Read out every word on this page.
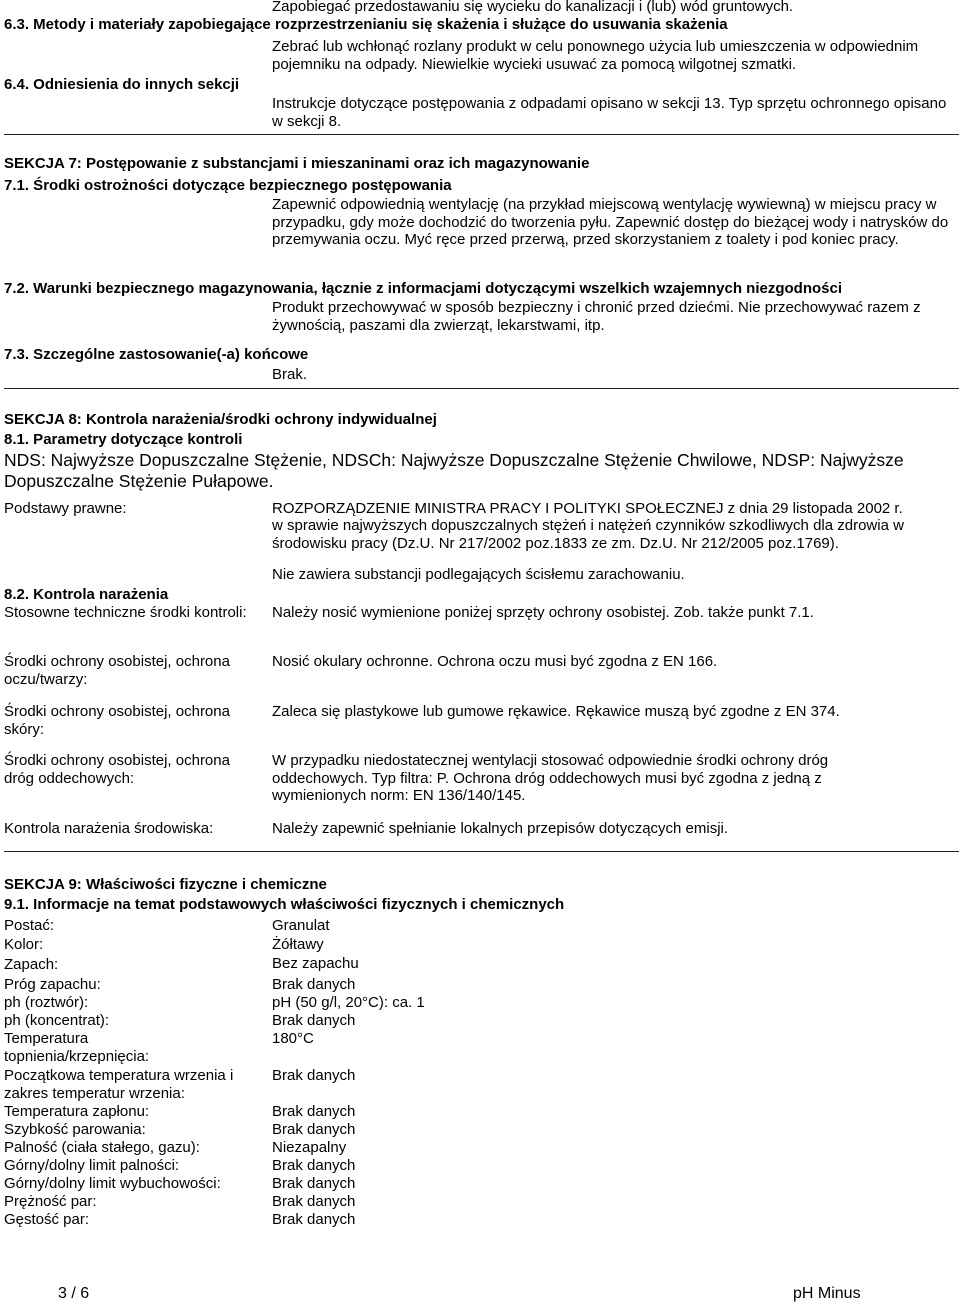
Zapobiegać przedostawaniu się wycieku do kanalizacji i (lub) wód gruntowych.
6.3. Metody i materiały zapobiegające rozprzestrzenianiu się skażenia i służące do usuwania skażenia
Zebrać lub wchłonąć rozlany produkt w celu ponownego użycia lub umieszczenia w odpowiednim pojemniku na odpady. Niewielkie wycieki usuwać za pomocą wilgotnej szmatki.
6.4. Odniesienia do innych sekcji
Instrukcje dotyczące postępowania z odpadami opisano w sekcji 13. Typ sprzętu ochronnego opisano w sekcji 8.
SEKCJA 7: Postępowanie z substancjami i mieszaninami oraz ich magazynowanie
7.1. Środki ostrożności dotyczące bezpiecznego postępowania
Zapewnić odpowiednią wentylację (na przykład miejscową wentylację wywiewną) w miejscu pracy w przypadku, gdy może dochodzić do tworzenia pyłu. Zapewnić dostęp do bieżącej wody i natrysków do przemywania oczu. Myć ręce przed przerwą, przed skorzystaniem z toalety i pod koniec pracy.
7.2. Warunki bezpiecznego magazynowania, łącznie z informacjami dotyczącymi wszelkich wzajemnych niezgodności
Produkt przechowywać w sposób bezpieczny i chronić przed dziećmi. Nie przechowywać razem z żywnością, paszami dla zwierząt, lekarstwami, itp.
7.3. Szczególne zastosowanie(-a) końcowe
Brak.
SEKCJA 8: Kontrola narażenia/środki ochrony indywidualnej
8.1. Parametry dotyczące kontroli
NDS: Najwyższe Dopuszczalne Stężenie, NDSCh: Najwyższe Dopuszczalne Stężenie Chwilowe, NDSP: Najwyższe Dopuszczalne Stężenie Pułapowe.
Podstawy prawne:	ROZPORZĄDZENIE MINISTRA PRACY I POLITYKI SPOŁECZNEJ z dnia 29 listopada 2002 r.
w sprawie najwyższych dopuszczalnych stężeń i natężeń czynników szkodliwych dla zdrowia w środowisku pracy (Dz.U. Nr 217/2002 poz.1833 ze zm. Dz.U. Nr 212/2005 poz.1769).
Nie zawiera substancji podlegających ścisłemu zarachowaniu.
8.2. Kontrola narażenia
Stosowne techniczne środki kontroli:	Należy nosić wymienione poniżej sprzęty ochrony osobistej. Zob. także punkt 7.1.
Środki ochrony osobistej, ochrona oczu/twarzy:
Nosić okulary ochronne. Ochrona oczu musi być zgodna z EN 166.
Środki ochrony osobistej, ochrona skóry:
Zaleca się plastykowe lub gumowe rękawice. Rękawice muszą być zgodne z EN 374.
Środki ochrony osobistej, ochrona dróg oddechowych:
W przypadku niedostatecznej wentylacji stosować odpowiednie środki ochrony dróg oddechowych. Typ filtra: P. Ochrona dróg oddechowych musi być zgodna z jedną z wymienionych norm: EN 136/140/145.
Kontrola narażenia środowiska:	Należy zapewnić spełnianie lokalnych przepisów dotyczących emisji.
SEKCJA 9: Właściwości fizyczne i chemiczne
9.1. Informacje na temat podstawowych właściwości fizycznych i chemicznych
Postać:	Granulat
Kolor:	Żółtawy
Zapach:	Bez zapachu
Próg zapachu:	Brak danych
ph (roztwór):	pH (50 g/l, 20°C): ca. 1
ph (koncentrat):	Brak danych
Temperatura topnienia/krzepnięcia:
180°C
Początkowa temperatura wrzenia i zakres temperatur wrzenia:
Brak danych
Temperatura zapłonu:	Brak danych
Szybkość parowania:	Brak danych
Palność (ciała stałego, gazu):	Niezapalny
Górny/dolny limit palności:	Brak danych
Górny/dolny limit wybuchowości:	Brak danych
Prężność par:	Brak danych
Gęstość par:	Brak danych
3 / 6	pH Minus
